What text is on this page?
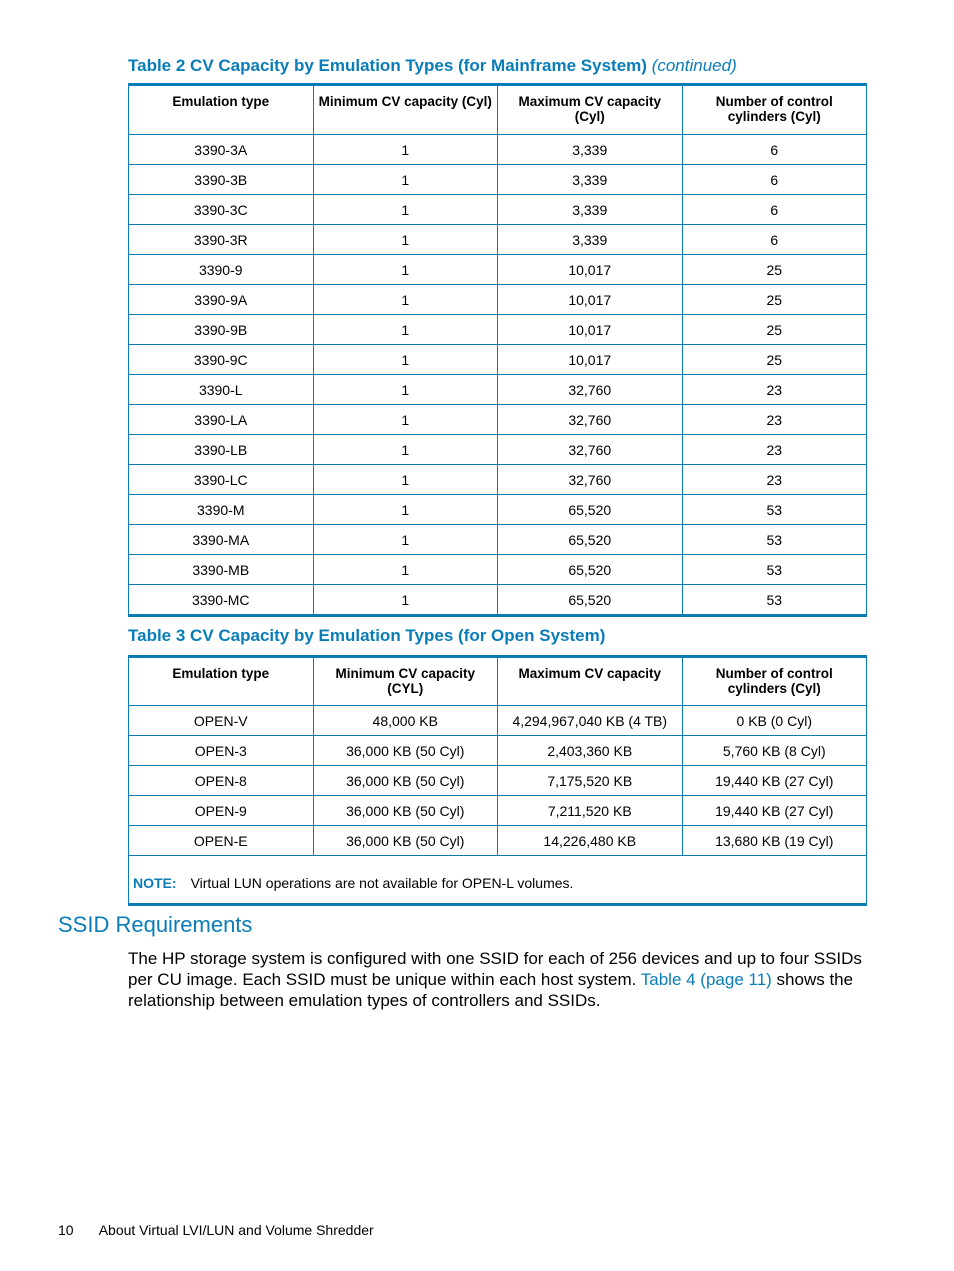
Table 2 CV Capacity by Emulation Types (for Mainframe System) (continued)
Emulation type	Minimum CV capacity (Cyl)	Maximum CV capacity (Cyl)	Number of control cylinders (Cyl)
3390-3A	1	3,339	6
3390-3B	1	3,339	6
3390-3C	1	3,339	6
3390-3R	1	3,339	6
3390-9	1	10,017	25
3390-9A	1	10,017	25
3390-9B	1	10,017	25
3390-9C	1	10,017	25
3390-L	1	32,760	23
3390-LA	1	32,760	23
3390-LB	1	32,760	23
3390-LC	1	32,760	23
3390-M	1	65,520	53
3390-MA	1	65,520	53
3390-MB	1	65,520	53
3390-MC	1	65,520	53
Table 3 CV Capacity by Emulation Types (for Open System)
Emulation type	Minimum CV capacity (CYL)	Maximum CV capacity	Number of control cylinders (Cyl)
OPEN-V	48,000 KB	4,294,967,040 KB (4 TB)	0 KB (0 Cyl)
OPEN-3	36,000 KB (50 Cyl)	2,403,360 KB	5,760 KB (8 Cyl)
OPEN-8	36,000 KB (50 Cyl)	7,175,520 KB	19,440 KB (27 Cyl)
OPEN-9	36,000 KB (50 Cyl)	7,211,520 KB	19,440 KB (27 Cyl)
OPEN-E	36,000 KB (50 Cyl)	14,226,480 KB	13,680 KB (19 Cyl)
NOTE: Virtual LUN operations are not available for OPEN-L volumes.			
SSID Requirements

The HP storage system is configured with one SSID for each of 256 devices and up to four SSIDs per CU image. Each SSID must be unique within each host system. Table 4 (page 11) shows the relationship between emulation types of controllers and SSIDs.

10 About Virtual LVI/LUN and Volume Shredder
